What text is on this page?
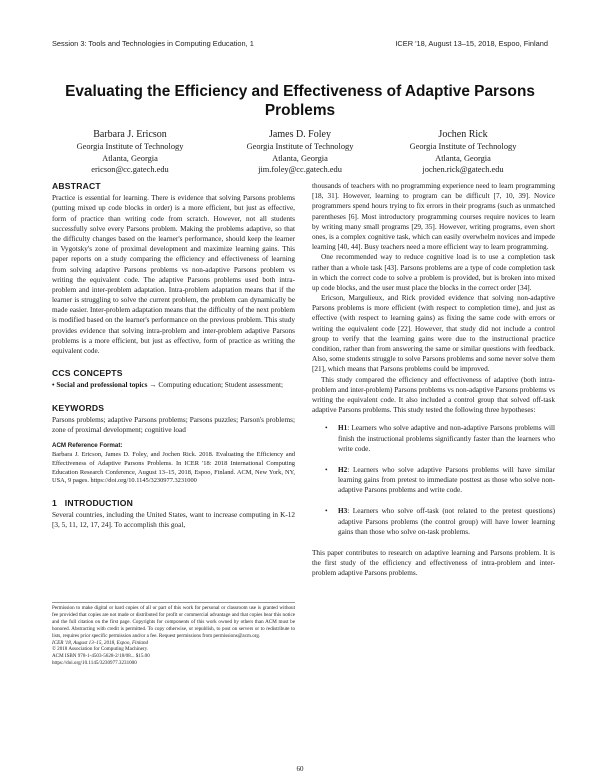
Session 3: Tools and Technologies in Computing Education, 1	ICER '18, August 13–15, 2018, Espoo, Finland
Evaluating the Efficiency and Effectiveness of Adaptive Parsons Problems
Barbara J. Ericson
Georgia Institute of Technology
Atlanta, Georgia
ericson@cc.gatech.edu
James D. Foley
Georgia Institute of Technology
Atlanta, Georgia
jim.foley@cc.gatech.edu
Jochen Rick
Georgia Institute of Technology
Atlanta, Georgia
jochen.rick@gatech.edu
ABSTRACT

Practice is essential for learning. There is evidence that solving Parsons problems (putting mixed up code blocks in order) is a more efficient, but just as effective, form of practice than writing code from scratch. However, not all students successfully solve every Parsons problem. Making the problems adaptive, so that the difficulty changes based on the learner's performance, should keep the learner in Vygotsky's zone of proximal development and maximize learning gains. This paper reports on a study comparing the efficiency and effectiveness of learning from solving adaptive Parsons problems vs non-adaptive Parsons problem vs writing the equivalent code. The adaptive Parsons problems used both intra-problem and inter-problem adaptation. Intra-problem adaptation means that if the learner is struggling to solve the current problem, the problem can dynamically be made easier. Inter-problem adaptation means that the difficulty of the next problem is modified based on the learner's performance on the previous problem. This study provides evidence that solving intra-problem and inter-problem adaptive Parsons problems is a more efficient, but just as effective, form of practice as writing the equivalent code.

CCS CONCEPTS

• Social and professional topics → Computing education; Student assessment;

KEYWORDS

Parsons problems; adaptive Parsons problems; Parsons puzzles; Parson's problems; zone of proximal development; cognitive load

ACM Reference Format:

Barbara J. Ericson, James D. Foley, and Jochen Rick. 2018. Evaluating the Efficiency and Effectiveness of Adaptive Parsons Problems. In ICER '18: 2018 International Computing Education Research Conference, August 13–15, 2018, Espoo, Finland. ACM, New York, NY, USA, 9 pages. https://doi.org/10.1145/3230977.3231000

1   INTRODUCTION

Several countries, including the United States, want to increase computing in K-12 [3, 5, 11, 12, 17, 24]. To accomplish this goal,

Permission to make digital or hard copies of all or part of this work for personal or classroom use is granted without fee provided that copies are not made or distributed for profit or commercial advantage and that copies bear this notice and the full citation on the first page. Copyrights for components of this work owned by others than ACM must be honored. Abstracting with credit is permitted. To copy otherwise, or republish, to post on servers or to redistribute to lists, requires prior specific permission and/or a fee. Request permissions from permissions@acm.org.

ICER '18, August 13–15, 2018, Espoo, Finland

© 2018 Association for Computing Machinery.

ACM ISBN 978-1-4503-5628-2/18/08... $15.00

https://doi.org/10.1145/3230977.3231000

thousands of teachers with no programming experience need to learn programming [18, 31]. However, learning to program can be difficult [7, 10, 39]. Novice programmers spend hours trying to fix errors in their programs (such as unmatched parentheses [6]. Most introductory programming courses require novices to learn by writing many small programs [29, 35]. However, writing programs, even short ones, is a complex cognitive task, which can easily overwhelm novices and impede learning [40, 44]. Busy teachers need a more efficient way to learn programming.

One recommended way to reduce cognitive load is to use a completion task rather than a whole task [43]. Parsons problems are a type of code completion task in which the correct code to solve a problem is provided, but is broken into mixed up code blocks, and the user must place the blocks in the correct order [34].

Ericson, Margulieux, and Rick provided evidence that solving non-adaptive Parsons problems is more efficient (with respect to completion time), and just as effective (with respect to learning gains) as fixing the same code with errors or writing the equivalent code [22]. However, that study did not include a control group to verify that the learning gains were due to the instructional practice condition, rather than from answering the same or similar questions with feedback. Also, some students struggle to solve Parsons problems and some never solve them [21], which means that Parsons problems could be improved.

This study compared the efficiency and effectiveness of adaptive (both intra-problem and inter-problem) Parsons problems vs non-adaptive Parsons problems vs writing the equivalent code. It also included a control group that solved off-task adaptive Parsons problems. This study tested the following three hypotheses:

• H1: Learners who solve adaptive and non-adaptive Parsons problems will finish the instructional problems significantly faster than the learners who write code.
• H2: Learners who solve adaptive Parsons problems will have similar learning gains from pretest to immediate posttest as those who solve non-adaptive Parsons problems and write code.
• H3: Learners who solve off-task (not related to the pretest questions) adaptive Parsons problems (the control group) will have lower learning gains than those who solve on-task problems.

This paper contributes to research on adaptive learning and Parsons problem. It is the first study of the efficiency and effectiveness of intra-problem and inter-problem adaptive Parsons problems.

60
